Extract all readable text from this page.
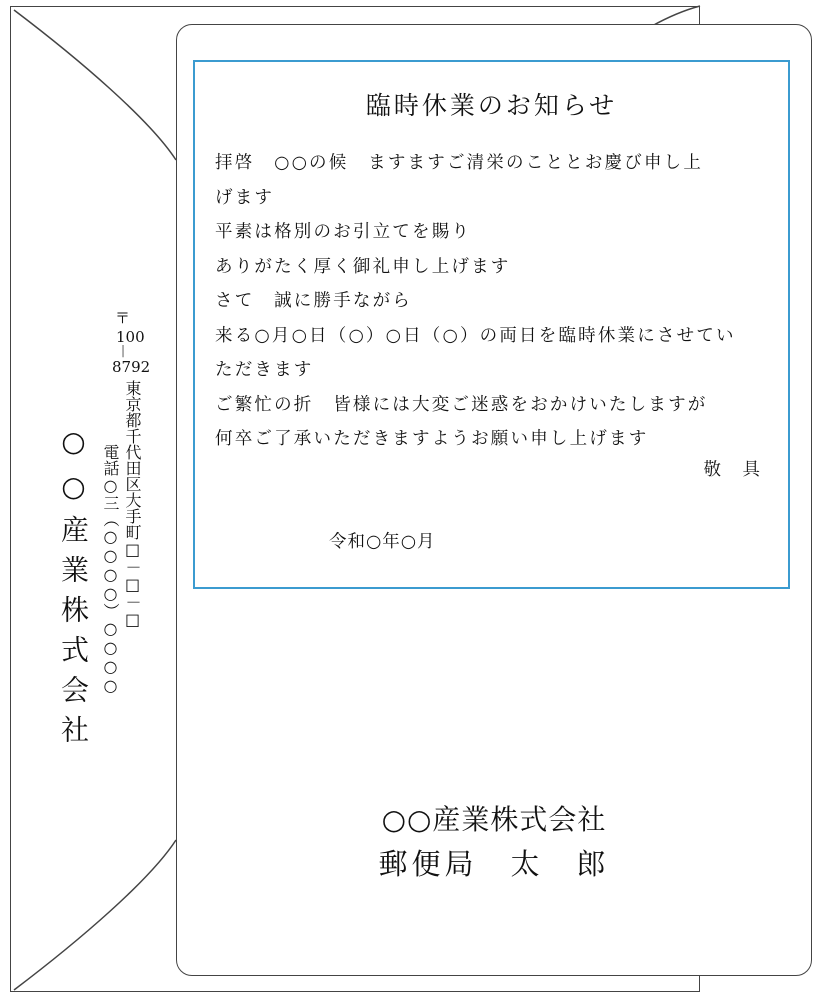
〒
100
8792
|
東京都千代田区大手町□－□－□
電話○三（○○○○）○○○○
○○産業株式会社
臨時休業のお知らせ
拝啓　○○の候　ますますご清栄のこととお慶び申し上
げます
平素は格別のお引立てを賜り
ありがたく厚く御礼申し上げます
さて　誠に勝手ながら
来る○月○日（○）○日（○）の両日を臨時休業にさせてい
ただきます
ご繁忙の折　皆様には大変ご迷惑をおかけいたしますが
何卒ご了承いただきますようお願い申し上げます
敬　具
令和○年○月
○○産業株式会社
郵便局　太　郎
